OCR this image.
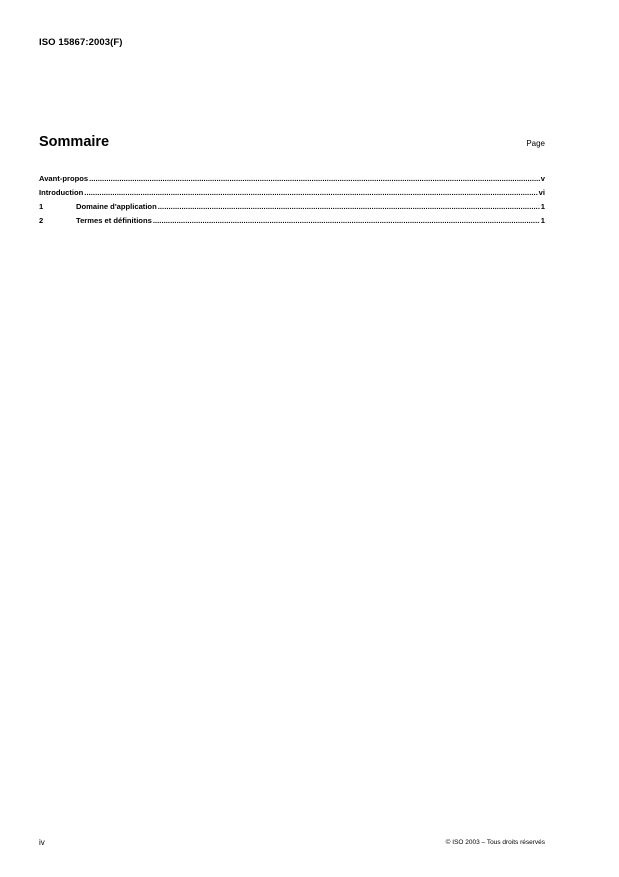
ISO 15867:2003(F)
Sommaire	Page
Avant-propos .....	v
Introduction .....	vi
1	Domaine d'application .....	1
2	Termes et définitions .....	1
iv	© ISO 2003 – Tous droits réservés
